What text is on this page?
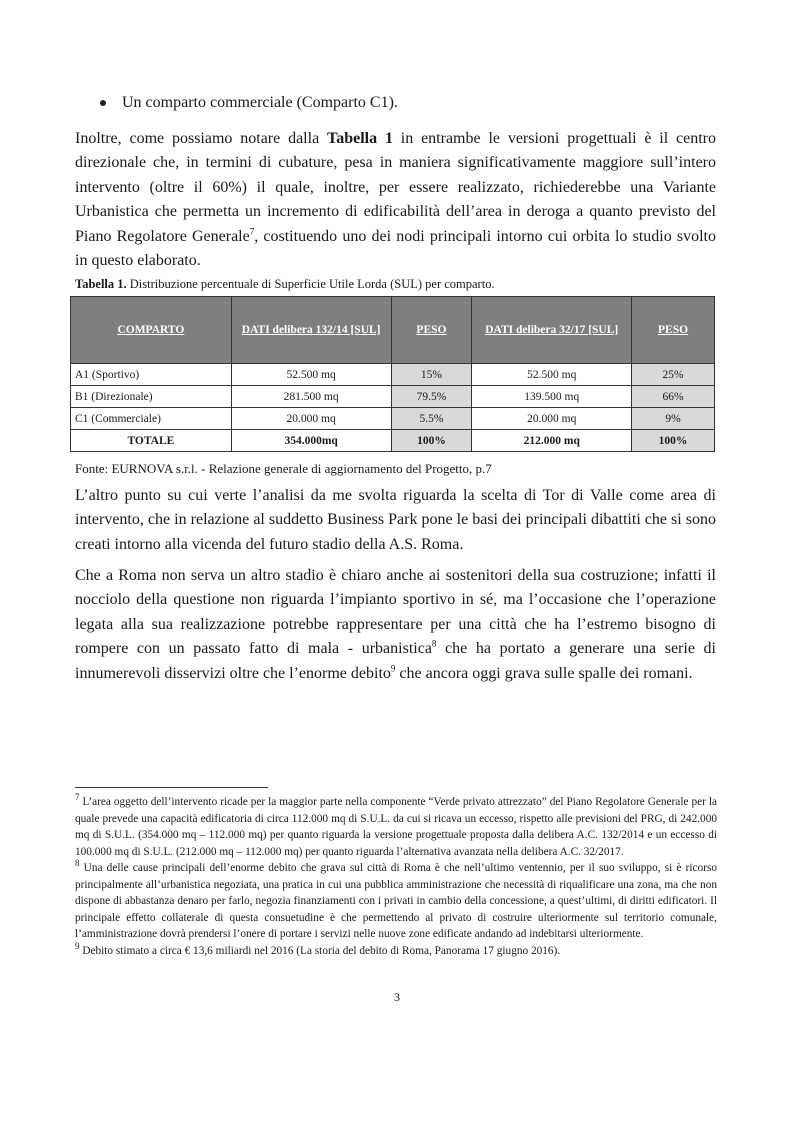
Un comparto commerciale (Comparto C1).
Inoltre, come possiamo notare dalla Tabella 1 in entrambe le versioni progettuali è il centro direzionale che, in termini di cubature, pesa in maniera significativamente maggiore sull’intero intervento (oltre il 60%) il quale, inoltre, per essere realizzato, richiederebbe una Variante Urbanistica che permetta un incremento di edificabilità dell’area in deroga a quanto previsto del Piano Regolatore Generale$^7$, costituendo uno dei nodi principali intorno cui orbita lo studio svolto in questo elaborato.
Tabella 1. Distribuzione percentuale di Superficie Utile Lorda (SUL) per comparto.
COMPARTO	DATI delibera 132/14 [SUL]	PESO	DATI delibera 32/17 [SUL]	PESO
A1 (Sportivo)	52.500 mq	15%	52.500 mq	25%
B1 (Direzionale)	281.500 mq	79.5%	139.500 mq	66%
C1 (Commerciale)	20.000 mq	5.5%	20.000 mq	9%
TOTALE	354.000mq	100%	212.000 mq	100%
Fonte: EURNOVA s.r.l. - Relazione generale di aggiornamento del Progetto, p.7
L’altro punto su cui verte l’analisi da me svolta riguarda la scelta di Tor di Valle come area di intervento, che in relazione al suddetto Business Park pone le basi dei principali dibattiti che si sono creati intorno alla vicenda del futuro stadio della A.S. Roma.
Che a Roma non serva un altro stadio è chiaro anche ai sostenitori della sua costruzione; infatti il nocciolo della questione non riguarda l’impianto sportivo in sé, ma l’occasione che l’operazione legata alla sua realizzazione potrebbe rappresentare per una città che ha l’estremo bisogno di rompere con un passato fatto di mala - urbanistica$^8$ che ha portato a generare una serie di innumerevoli disservizi oltre che l’enorme debito$^9$ che ancora oggi grava sulle spalle dei romani.

$^7$ L’area oggetto dell’intervento ricade per la maggior parte nella componente “Verde privato attrezzato” del Piano Regolatore Generale per la quale prevede una capacità edificatoria di circa 112.000 mq di S.U.L. da cui si ricava un eccesso, rispetto alle previsioni del PRG, di 242.000 mq di S.U.L. (354.000 mq – 112.000 mq) per quanto riguarda la versione progettuale proposta dalla delibera A.C. 132/2014 e un eccesso di 100.000 mq di S.U.L. (212.000 mq – 112.000 mq) per quanto riguarda l’alternativa avanzata nella delibera A.C. 32/2017.

$^8$ Una delle cause principali dell’enorme debito che grava sul città di Roma è che nell’ultimo ventennio, per il suo sviluppo, si è ricorso principalmente all’urbanistica negoziata, una pratica in cui una pubblica amministrazione che necessità di riqualificare una zona, ma che non dispone di abbastanza denaro per farlo, negozia finanziamenti con i privati in cambio della concessione, a quest’ultimi, di diritti edificatori. Il principale effetto collaterale di questa consuetudine è che permettendo al privato di costruire ulteriormente sul territorio comunale, l’amministrazione dovrà prendersi l’onere di portare i servizi nelle nuove zone edificate andando ad indebitarsi ulteriormente.

$^9$ Debito stimato a circa € 13,6 miliardi nel 2016 (La storia del debito di Roma, Panorama 17 giugno 2016).

3
